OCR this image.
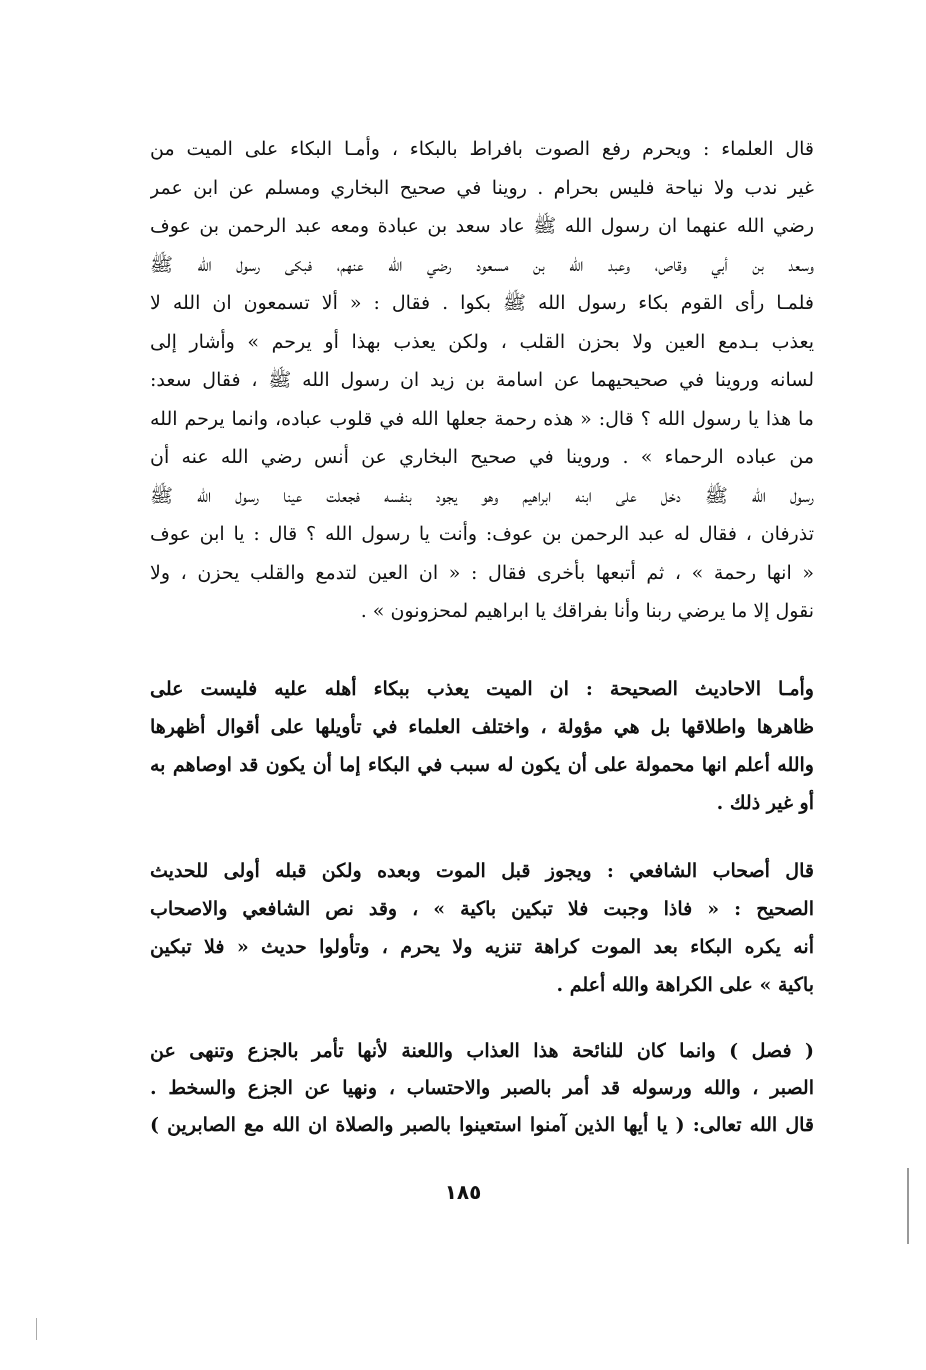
قال العلماء : ويحرم رفع الصوت بافراط بالبكاء ، وأمـا البكاء على الميت من
غير ندب ولا نياحة فليس بحرام . روينا في صحيح البخاري ومسلم عن ابن عمر
رضي الله عنهما ان رسول الله ﷺ عاد سعد بن عبادة ومعه عبد الرحمن بن عوف
وسعد بن أبي وقاص، وعبد الله بن مسعود رضي الله عنهم، فبكى رسول الله ﷺ
فلمـا رأى القوم بكاء رسول الله ﷺ بكوا . فقال : « ألا تسمعون ان الله لا
يعذب بـدمع العين ولا بحزن القلب ، ولكن يعذب بهذا أو يرحم » وأشار إلى
لسانه وروينا في صحيحيهما عن اسامة بن زيد ان رسول الله ﷺ ، فقال سعد:
ما هذا يا رسول الله ؟ قال: « هذه رحمة جعلها الله في قلوب عباده، وانما يرحم الله
من عباده الرحماء » . وروينا في صحيح البخاري عن أنس رضي الله عنه أن
رسول الله ﷺ دخل على ابنه ابراهيم وهو يجود بنفسه فجعلت عينا رسول الله ﷺ
تذرفان ، فقال له عبد الرحمن بن عوف: وأنت يا رسول الله ؟ قال : يا ابن عوف
« انها رحمة » ، ثم أتبعها بأخرى فقال : « ان العين لتدمع والقلب يحزن ، ولا
نقول إلا ما يرضي ربنا وأنا بفراقك يا ابراهيم لمحزونون » .
وأمـا الاحاديث الصحيحة : ان الميت يعذب ببكاء أهله عليه فليست على
ظاهرها واطلاقها بل هي مؤولة ، واختلف العلماء في تأويلها على أقوال أظهرها
والله أعلم انها محمولة على أن يكون له سبب في البكاء إما أن يكون قد اوصاهم به
أو غير ذلك .
قال أصحاب الشافعي : ويجوز قبل الموت وبعده ولكن قبله أولى للحديث
الصحيح : « فاذا وجبت فلا تبكين باكية » ، وقد نص الشافعي والاصحاب
أنه يكره البكاء بعد الموت كراهة تنزيه ولا يحرم ، وتأولوا حديث « فلا تبكين
باكية » على الكراهة والله أعلم .
( فصل ) وانما كان للنائحة هذا العذاب واللعنة لأنها تأمر بالجزع وتنهى عن
الصبر ، والله ورسوله قد أمر بالصبر والاحتساب ، ونهيا عن الجزع والسخط .
قال الله تعالى: ( يا أيها الذين آمنوا استعينوا بالصبر والصلاة ان الله مع الصابرين )
١٨٥
